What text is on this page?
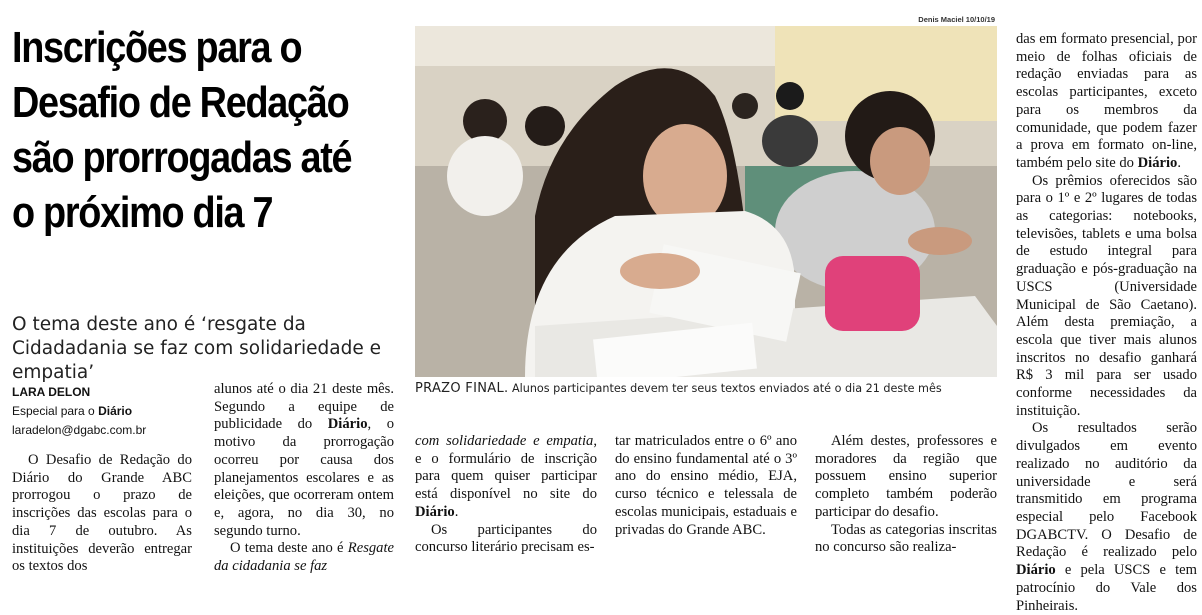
Inscrições para o
Desafio de Redação
são prorrogadas até
o próximo dia 7

O tema deste ano é ‘resgate da Cidadadania se faz com solidariedade e empatia’

LARA DELON
Especial para o Diário
laradelon@dgabc.com.br

O Desafio de Redação do Diário do Grande ABC prorrogou o prazo de inscrições das escolas para o dia 7 de outubro. As instituições deverão entregar os textos dos

alunos até o dia 21 deste mês. Segundo a equipe de publicidade do Diário, o motivo da prorrogação ocorreu por causa dos planejamentos escolares e as eleições, que ocorreram ontem e, agora, no dia 30, no segundo turno.

O tema deste ano é Resgate da cidadania se faz

Denis Maciel 10/10/19
PRAZO FINAL. Alunos participantes devem ter seus textos enviados até o dia 21 deste mês

com solidariedade e empatia, e o formulário de inscrição para quem quiser participar está disponível no site do Diário.

Os participantes do concurso literário precisam es-

tar matriculados entre o 6º ano do ensino fundamental até o 3º ano do ensino médio, EJA, curso técnico e telessala de escolas municipais, estaduais e privadas do Grande ABC.

Além destes, professores e moradores da região que possuem ensino superior completo também poderão participar do desafio.

Todas as categorias inscritas no concurso são realiza-

das em formato presencial, por meio de folhas oficiais de redação enviadas para as escolas participantes, exceto para os membros da comunidade, que podem fazer a prova em formato on-line, também pelo site do Diário.

Os prêmios oferecidos são para o 1º e 2º lugares de todas as categorias: notebooks, televisões, tablets e uma bolsa de estudo integral para graduação e pós-graduação na USCS (Universidade Municipal de São Caetano). Além desta premiação, a escola que tiver mais alunos inscritos no desafio ganhará R$ 3 mil para ser usado conforme necessidades da instituição.

Os resultados serão divulgados em evento realizado no auditório da universidade e será transmitido em programa especial pelo Facebook DGABCTV. O Desafio de Redação é realizado pelo Diário e pela USCS e tem patrocínio do Vale dos Pinheirais.
